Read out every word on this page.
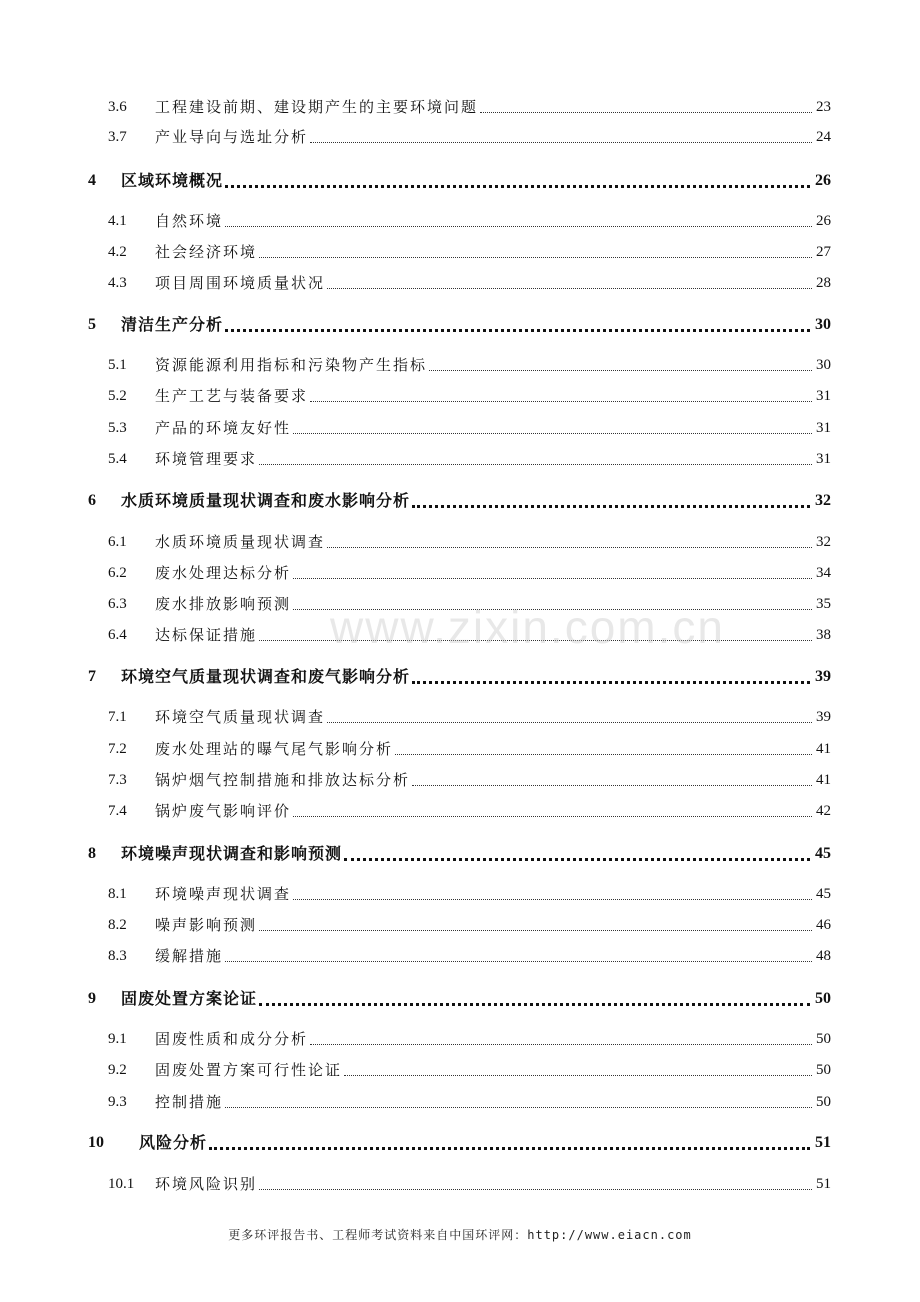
3.6 工程建设前期、建设期产生的主要环境问题	23
3.7 产业导向与选址分析	24
4 区域环境概况	26
4.1 自然环境	26
4.2 社会经济环境	27
4.3 项目周围环境质量状况	28
5 清洁生产分析	30
5.1 资源能源利用指标和污染物产生指标	30
5.2 生产工艺与装备要求	31
5.3 产品的环境友好性	31
5.4 环境管理要求	31
6 水质环境质量现状调查和废水影响分析	32
6.1 水质环境质量现状调查	32
6.2 废水处理达标分析	34
6.3 废水排放影响预测	35
6.4 达标保证措施	38
7 环境空气质量现状调查和废气影响分析	39
7.1 环境空气质量现状调查	39
7.2 废水处理站的曝气尾气影响分析	41
7.3 锅炉烟气控制措施和排放达标分析	41
7.4 锅炉废气影响评价	42
8 环境噪声现状调查和影响预测	45
8.1 环境噪声现状调查	45
8.2 噪声影响预测	46
8.3 缓解措施	48
9 固废处置方案论证	50
9.1 固废性质和成分分析	50
9.2 固废处置方案可行性论证	50
9.3 控制措施	50
10 风险分析	51
10.1 环境风险识别	51
www.zixin.com.cn
更多环评报告书、工程师考试资料来自中国环评网：http://www.eiacn.com
